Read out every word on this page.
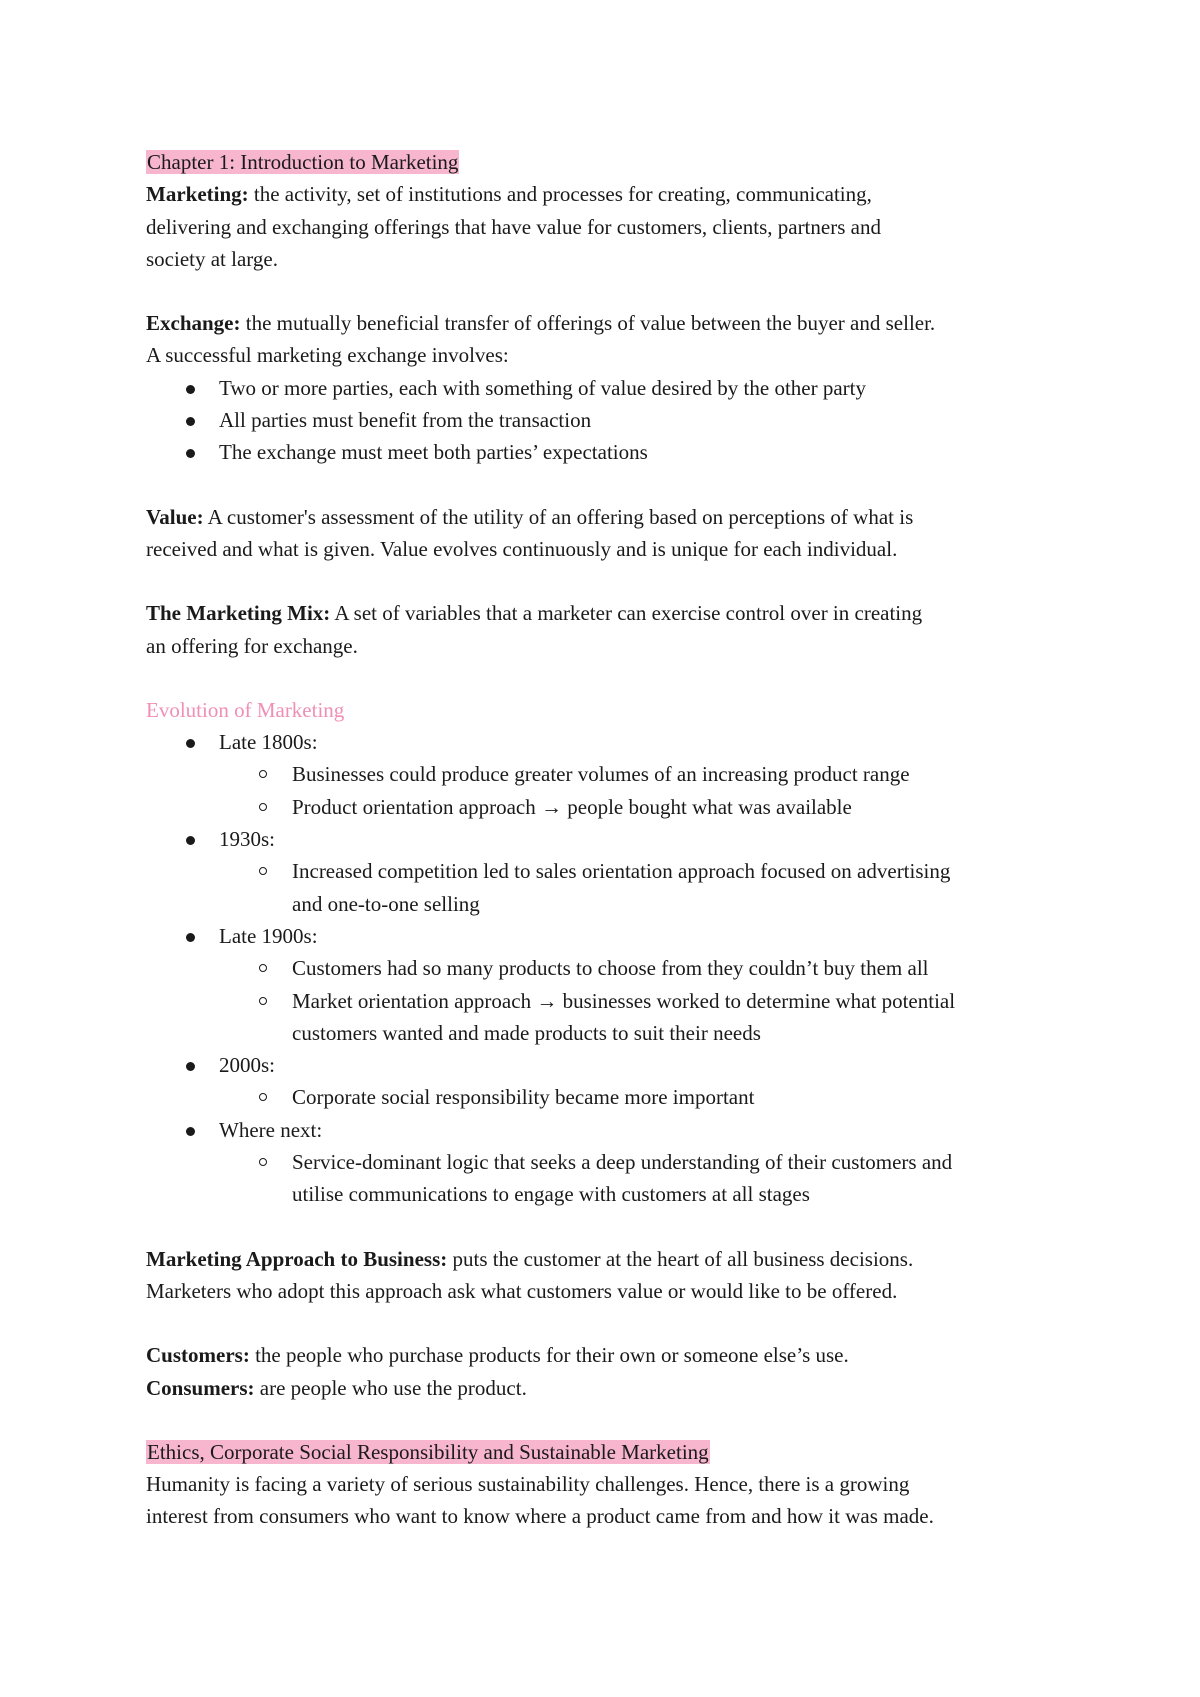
Chapter 1: Introduction to Marketing

Marketing: the activity, set of institutions and processes for creating, communicating,

delivering and exchanging offerings that have value for customers, clients, partners and

society at large.

Exchange: the mutually beneficial transfer of offerings of value between the buyer and seller.

A successful marketing exchange involves:

Two or more parties, each with something of value desired by the other party
All parties must benefit from the transaction
The exchange must meet both parties’ expectations

Value: A customer's assessment of the utility of an offering based on perceptions of what is

received and what is given. Value evolves continuously and is unique for each individual.

The Marketing Mix: A set of variables that a marketer can exercise control over in creating

an offering for exchange.

Evolution of Marketing

Late 1800s:
Businesses could produce greater volumes of an increasing product range
Product orientation approach → people bought what was available
1930s:
Increased competition led to sales orientation approach focused on advertising
and one-to-one selling
Late 1900s:
Customers had so many products to choose from they couldn’t buy them all
Market orientation approach → businesses worked to determine what potential
customers wanted and made products to suit their needs
2000s:
Corporate social responsibility became more important
Where next:
Service-dominant logic that seeks a deep understanding of their customers and
utilise communications to engage with customers at all stages

Marketing Approach to Business: puts the customer at the heart of all business decisions.

Marketers who adopt this approach ask what customers value or would like to be offered.

Customers: the people who purchase products for their own or someone else’s use.

Consumers: are people who use the product.

Ethics, Corporate Social Responsibility and Sustainable Marketing

Humanity is facing a variety of serious sustainability challenges. Hence, there is a growing

interest from consumers who want to know where a product came from and how it was made.
